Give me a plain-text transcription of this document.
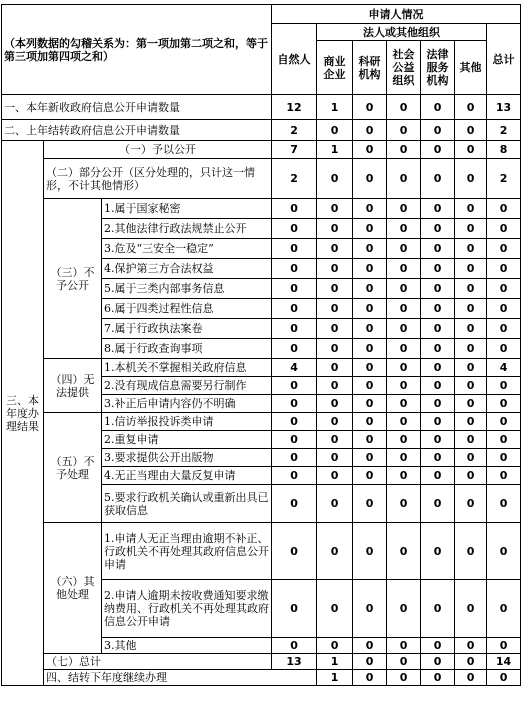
（本列数据的勾稽关系为：第一项加第二项之和，等于第三项加第四项之和）			申请人情况							
			自然人	法人或其他组织					总计	
				商业企业	科研机构	社会公益组织	法律服务机构	其他		
一、本年新收政府信息公开申请数量			12	1	0	0	0	0	13	
二、上年结转政府信息公开申请数量			2	0	0	0	0	0	2	
三、本年度办理结果	（一）予以公开		7	1	0	0	0	0	8	
	（二）部分公开（区分处理的，只计这一情形，不计其他情形）		2	0	0	0	0	0	2	
	（三）不予公开	1.属于国家秘密	0	0	0	0	0	0	0	
		2.其他法律行政法规禁止公开	0	0	0	0	0	0	0	
		3.危及“三安全一稳定”	0	0	0	0	0	0	0	
		4.保护第三方合法权益	0	0	0	0	0	0	0	
		5.属于三类内部事务信息	0	0	0	0	0	0	0	
		6.属于四类过程性信息	0	0	0	0	0	0	0	
		7.属于行政执法案卷	0	0	0	0	0	0	0	
		8.属于行政查询事项	0	0	0	0	0	0	0	
	（四）无法提供	1.本机关不掌握相关政府信息	4	0	0	0	0	0	4	
		2.没有现成信息需要另行制作	0	0	0	0	0	0	0	
		3.补正后申请内容仍不明确	0	0	0	0	0	0	0	
	（五）不予处理	1.信访举报投诉类申请	0	0	0	0	0	0	0	
		2.重复申请	0	0	0	0	0	0	0	
		3.要求提供公开出版物	0	0	0	0	0	0	0	
		4.无正当理由大量反复申请	0	0	0	0	0	0	0	
		5.要求行政机关确认或重新出具已获取信息	0	0	0	0	0	0	0	
	（六）其他处理	1.申请人无正当理由逾期不补正、行政机关不再处理其政府信息公开申请	0	0	0	0	0	0	0	
		2.申请人逾期未按收费通知要求缴纳费用、行政机关不再处理其政府信息公开申请	0	0	0	0	0	0	0	
		3.其他	0	0	0	0	0	0	0	
	（七）总计		13	1	0	0	0	0	14	
	四、结转下年度继续办理			1	0	0	0	0	0	
